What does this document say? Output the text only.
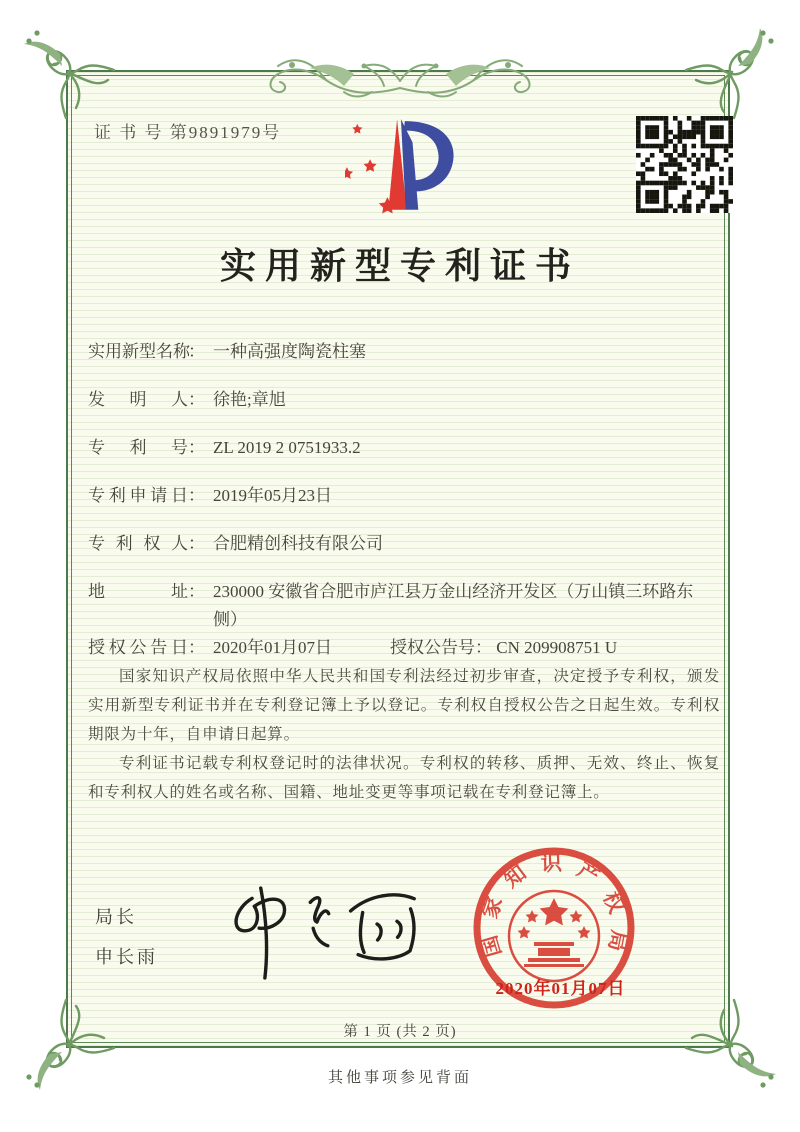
证 书 号 第9891979号
实用新型专利证书
实用新型名称： 一种高强度陶瓷柱塞
发明人： 徐艳;章旭
专利号： ZL 2019 2 0751933.2
专利申请日： 2019年05月23日
专利权人： 合肥精创科技有限公司
地址： 230000 安徽省合肥市庐江县万金山经济开发区（万山镇三环路东侧）
授权公告日： 2020年01月07日	授权公告号： CN 209908751 U

国家知识产权局依照中华人民共和国专利法经过初步审查，决定授予专利权，颁发实用新型专利证书并在专利登记簿上予以登记。专利权自授权公告之日起生效。专利权期限为十年，自申请日起算。

专利证书记载专利权登记时的法律状况。专利权的转移、质押、无效、终止、恢复和专利权人的姓名或名称、国籍、地址变更等事项记载在专利登记簿上。

局长
申长雨	国家知识产权局
2020年01月07日
第 1 页 (共 2 页)
其他事项参见背面
